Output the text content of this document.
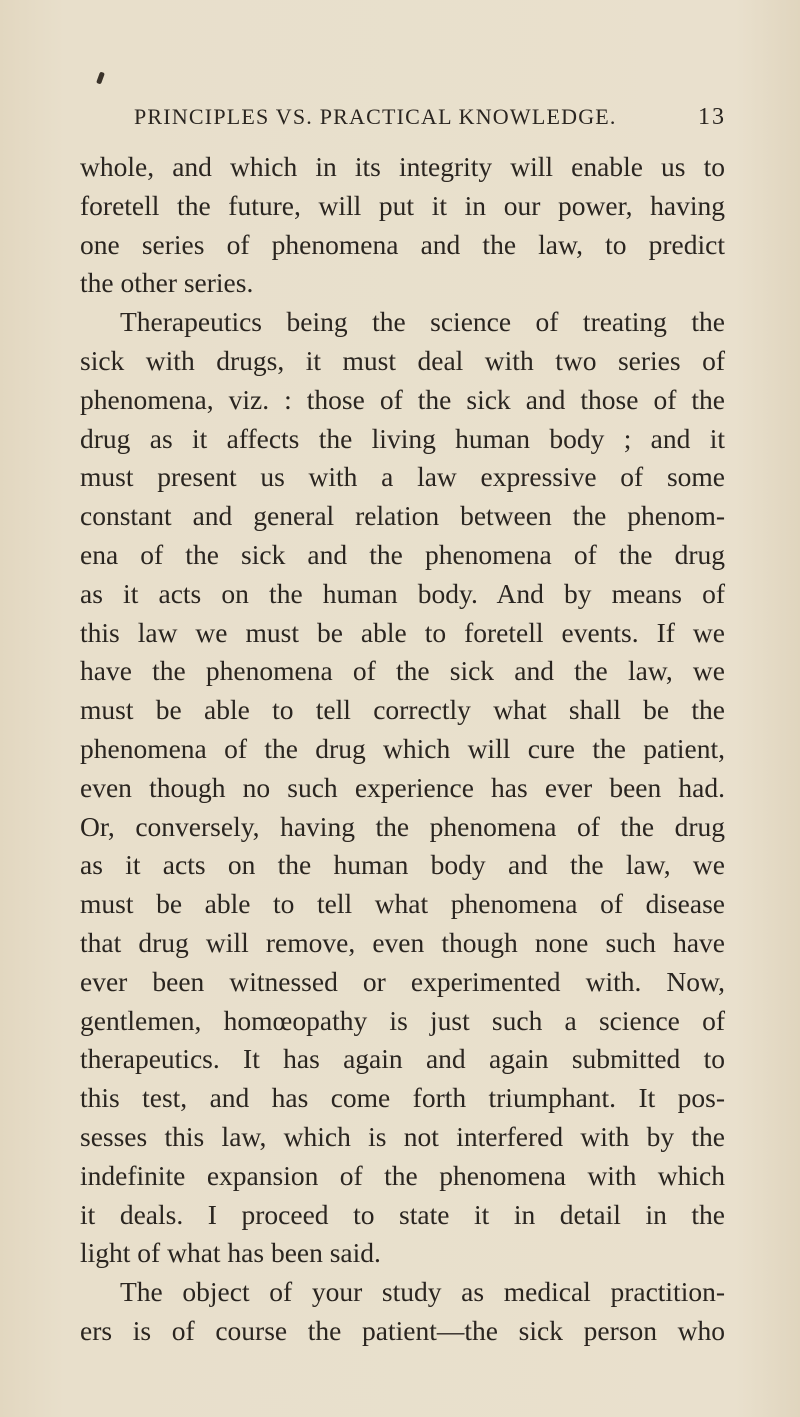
PRINCIPLES VS. PRACTICAL KNOWLEDGE.	13
whole, and which in its integrity will enable us to
foretell the future, will put it in our power, having
one series of phenomena and the law, to predict
the other series.
Therapeutics being the science of treating the
sick with drugs, it must deal with two series of
phenomena, viz. : those of the sick and those of the
drug as it affects the living human body ; and it
must present us with a law expressive of some
constant and general relation between the phenom-
ena of the sick and the phenomena of the drug
as it acts on the human body. And by means of
this law we must be able to foretell events. If we
have the phenomena of the sick and the law, we
must be able to tell correctly what shall be the
phenomena of the drug which will cure the patient,
even though no such experience has ever been had.
Or, conversely, having the phenomena of the drug
as it acts on the human body and the law, we
must be able to tell what phenomena of disease
that drug will remove, even though none such have
ever been witnessed or experimented with. Now,
gentlemen, homœopathy is just such a science of
therapeutics. It has again and again submitted to
this test, and has come forth triumphant. It pos-
sesses this law, which is not interfered with by the
indefinite expansion of the phenomena with which
it deals. I proceed to state it in detail in the
light of what has been said.
The object of your study as medical practition-
ers is of course the patient—the sick person who
